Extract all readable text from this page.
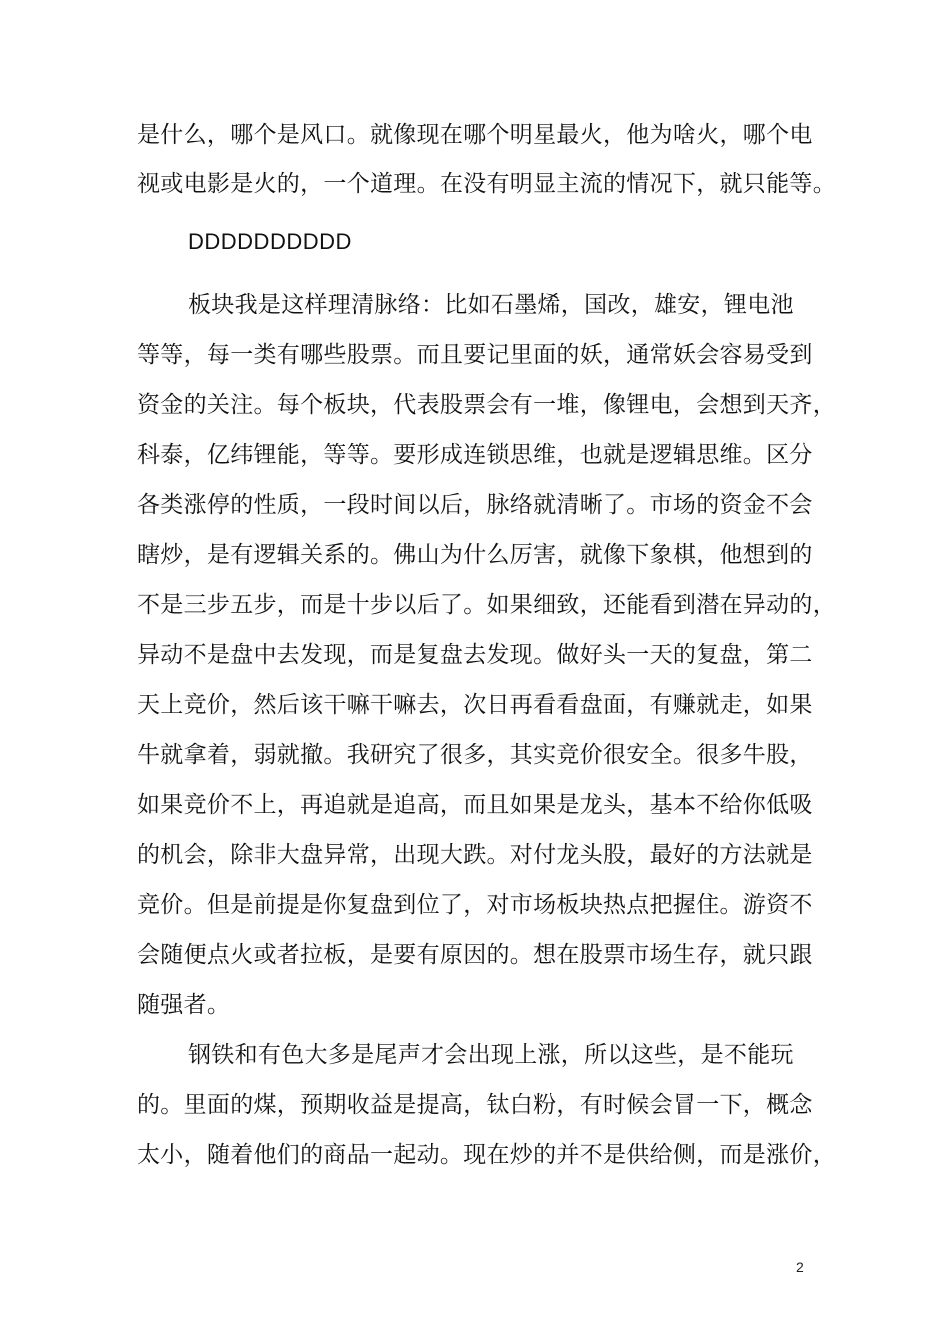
是什么，哪个是风口。就像现在哪个明星最火，他为啥火，哪个电
视或电影是火的，一个道理。在没有明显主流的情况下，就只能等。
DDDDDDDDDD
板块我是这样理清脉络：比如石墨烯，国改，雄安，锂电池
等等，每一类有哪些股票。而且要记里面的妖，通常妖会容易受到
资金的关注。每个板块，代表股票会有一堆，像锂电，会想到天齐，
科泰，亿纬锂能，等等。要形成连锁思维，也就是逻辑思维。区分
各类涨停的性质，一段时间以后，脉络就清晰了。市场的资金不会
瞎炒，是有逻辑关系的。佛山为什么厉害，就像下象棋，他想到的
不是三步五步，而是十步以后了。如果细致，还能看到潜在异动的，
异动不是盘中去发现，而是复盘去发现。做好头一天的复盘，第二
天上竞价，然后该干嘛干嘛去，次日再看看盘面，有赚就走，如果
牛就拿着，弱就撤。我研究了很多，其实竞价很安全。很多牛股，
如果竞价不上，再追就是追高，而且如果是龙头，基本不给你低吸
的机会，除非大盘异常，出现大跌。对付龙头股，最好的方法就是
竞价。但是前提是你复盘到位了，对市场板块热点把握住。游资不
会随便点火或者拉板，是要有原因的。想在股票市场生存，就只跟
随强者。
钢铁和有色大多是尾声才会出现上涨，所以这些，是不能玩
的。里面的煤，预期收益是提高，钛白粉，有时候会冒一下，概念
太小，随着他们的商品一起动。现在炒的并不是供给侧，而是涨价，
2
